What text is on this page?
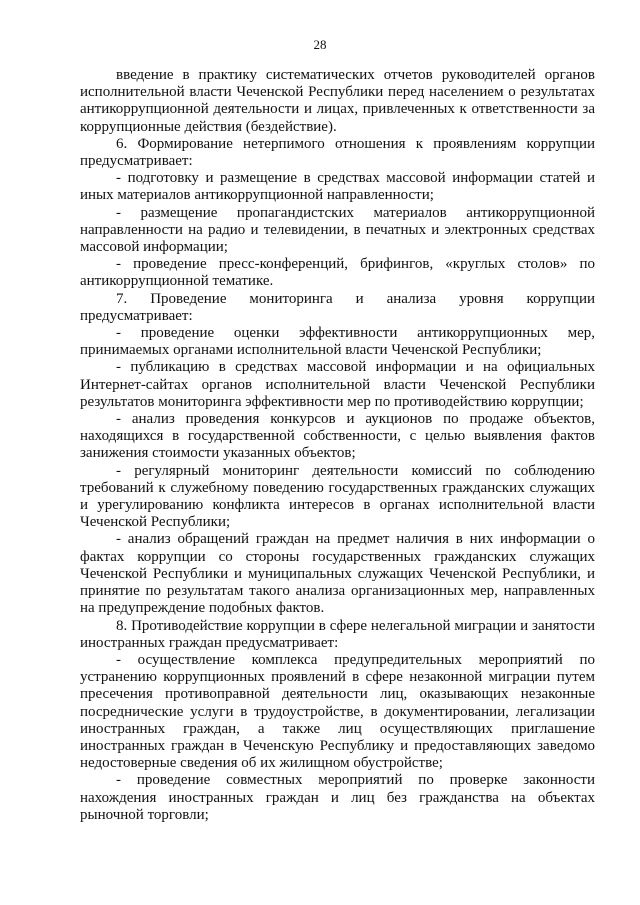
28

введение в практику систематических отчетов руководителей органов исполнительной власти Чеченской Республики перед населением о результатах антикоррупционной деятельности и лицах, привлеченных к ответственности за коррупционные действия (бездействие).

6. Формирование нетерпимого отношения к проявлениям коррупции предусматривает:

- подготовку и размещение в средствах массовой информации статей и иных материалов антикоррупционной направленности;

- размещение пропагандистских материалов антикоррупционной направленности на радио и телевидении, в печатных и электронных средствах массовой информации;

- проведение пресс-конференций, брифингов, «круглых столов» по антикоррупционной тематике.

7. Проведение мониторинга и анализа уровня коррупции предусматривает:

- проведение оценки эффективности антикоррупционных мер, принимаемых органами исполнительной власти Чеченской Республики;

- публикацию в средствах массовой информации и на официальных Интернет-сайтах органов исполнительной власти Чеченской Республики результатов мониторинга эффективности мер по противодействию коррупции;

- анализ проведения конкурсов и аукционов по продаже объектов, находящихся в государственной собственности, с целью выявления фактов занижения стоимости указанных объектов;

- регулярный мониторинг деятельности комиссий по соблюдению требований к служебному поведению государственных гражданских служащих и урегулированию конфликта интересов в органах исполнительной власти Чеченской Республики;

- анализ обращений граждан на предмет наличия в них информации о фактах коррупции со стороны государственных гражданских служащих Чеченской Республики и муниципальных служащих Чеченской Республики, и принятие по результатам такого анализа организационных мер, направленных на предупреждение подобных фактов.

8. Противодействие коррупции в сфере нелегальной миграции и занятости иностранных граждан предусматривает:

- осуществление комплекса предупредительных мероприятий по устранению коррупционных проявлений в сфере незаконной миграции путем пресечения противоправной деятельности лиц, оказывающих незаконные посреднические услуги в трудоустройстве, в документировании, легализации иностранных граждан, а также лиц осуществляющих приглашение иностранных граждан в Чеченскую Республику и предоставляющих заведомо недостоверные сведения об их жилищном обустройстве;

- проведение совместных мероприятий по проверке законности нахождения иностранных граждан и лиц без гражданства на объектах рыночной торговли;
